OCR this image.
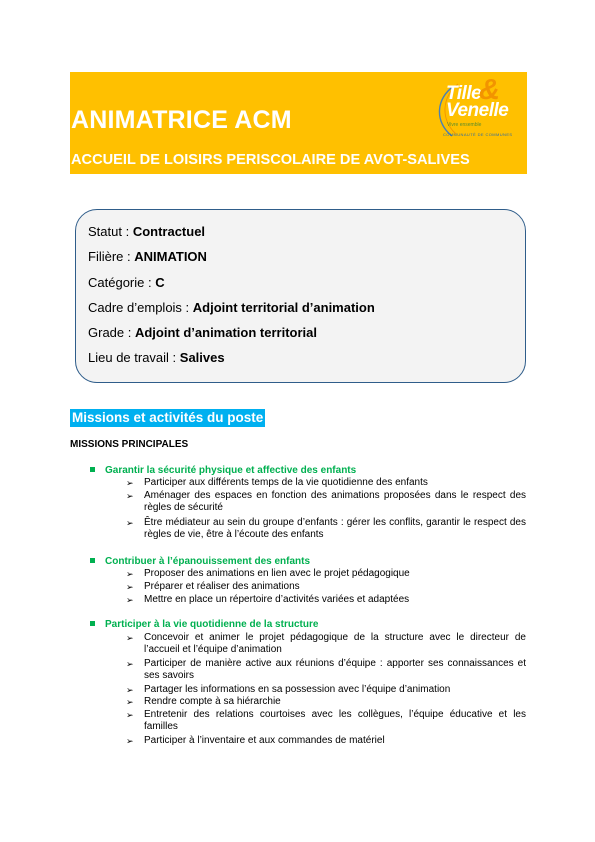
ANIMATRICE ACM
ACCUEIL DE LOISIRS PERISCOLAIRE DE AVOT-SALIVES
Tille
&
Venelle
Vivre ensemble
COMMUNAUTÉ DE COMMUNES
Statut : Contractuel
Filière : ANIMATION
Catégorie : C
Cadre d’emplois : Adjoint territorial d’animation
Grade : Adjoint d’animation territorial
Lieu de travail : Salives
Missions et activités du poste
MISSIONS PRINCIPALES
Garantir la sécurité physique et affective des enfants
➢ Participer aux différents temps de la vie quotidienne des enfants
➢ Aménager des espaces en fonction des animations proposées dans le respect des règles de sécurité
➢ Être médiateur au sein du groupe d’enfants : gérer les conflits, garantir le respect des règles de vie, être à l’écoute des enfants
Contribuer à l’épanouissement des enfants
➢ Proposer des animations en lien avec le projet pédagogique
➢ Préparer et réaliser des animations
➢ Mettre en place un répertoire d’activités variées et adaptées
Participer à la vie quotidienne de la structure
➢ Concevoir et animer le projet pédagogique de la structure avec le directeur de l’accueil et l’équipe d’animation
➢ Participer de manière active aux réunions d’équipe : apporter ses connaissances et ses savoirs
➢ Partager les informations en sa possession avec l’équipe d’animation
➢ Rendre compte à sa hiérarchie
➢ Entretenir des relations courtoises avec les collègues, l’équipe éducative et les familles
➢ Participer à l’inventaire et aux commandes de matériel
